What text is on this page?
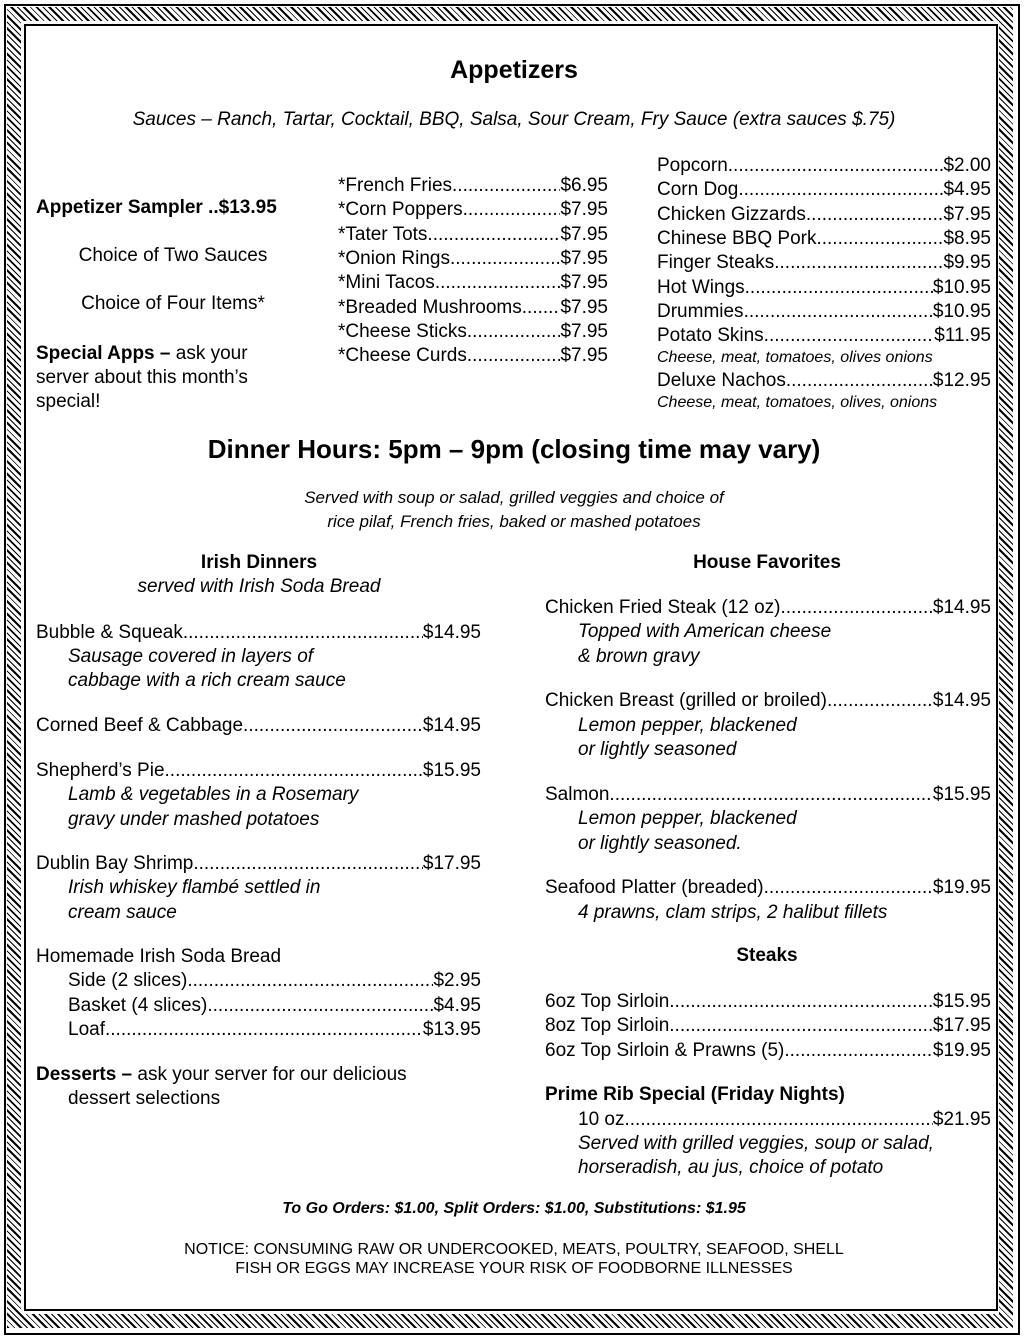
Appetizers
Sauces – Ranch, Tartar, Cocktail, BBQ, Salsa, Sour Cream, Fry Sauce (extra sauces $.75)
Appetizer Sampler ..$13.95
Choice of Two Sauces
Choice of Four Items*
Special Apps – ask your
server about this month’s
special!
*French Fries .....	$6.95
*Corn Poppers .....	$7.95
*Tater Tots .....	$7.95
*Onion Rings .....	$7.95
*Mini Tacos .....	$7.95
*Breaded Mushrooms ..... $7.95
*Cheese Sticks .....	$7.95
*Cheese Curds .....	$7.95
Popcorn .....	$2.00
Corn Dog .....	$4.95
Chicken Gizzards .....	$7.95
Chinese BBQ Pork .....	$8.95
Finger Steaks .....	$9.95
Hot Wings .....	$10.95
Drummies .....	$10.95
Potato Skins .....	$11.95
Cheese, meat, tomatoes, olives onions
Deluxe Nachos .....	$12.95
Cheese, meat, tomatoes, olives, onions
Dinner Hours: 5pm – 9pm (closing time may vary)
Served with soup or salad, grilled veggies and choice of
rice pilaf, French fries, baked or mashed potatoes
Irish Dinners
served with Irish Soda Bread
Bubble & Squeak .....	$14.95
Sausage covered in layers of
cabbage with a rich cream sauce
Corned Beef & Cabbage .....	$14.95
Shepherd’s Pie .....	$15.95
Lamb & vegetables in a Rosemary
gravy under mashed potatoes
Dublin Bay Shrimp .....	$17.95
Irish whiskey flambé settled in
cream sauce
Homemade Irish Soda Bread
Side (2 slices) .....	$2.95
Basket (4 slices) .....	$4.95
Loaf .....	$13.95
Desserts – ask your server for our delicious
dessert selections
House Favorites
Chicken Fried Steak (12 oz) .....	$14.95
Topped with American cheese
& brown gravy
Chicken Breast (grilled or broiled) .....	$14.95
Lemon pepper, blackened
or lightly seasoned
Salmon .....	$15.95
Lemon pepper, blackened
or lightly seasoned.
Seafood Platter (breaded) .....	$19.95
4 prawns, clam strips, 2 halibut fillets
Steaks
6oz Top Sirloin .....	$15.95
8oz Top Sirloin .....	$17.95
6oz Top Sirloin & Prawns (5) .....	$19.95
Prime Rib Special (Friday Nights)
10 oz .....	$21.95
Served with grilled veggies, soup or salad,
horseradish, au jus, choice of potato
To Go Orders: $1.00, Split Orders: $1.00, Substitutions: $1.95
NOTICE: CONSUMING RAW OR UNDERCOOKED, MEATS, POULTRY, SEAFOOD, SHELL
FISH OR EGGS MAY INCREASE YOUR RISK OF FOODBORNE ILLNESSES
